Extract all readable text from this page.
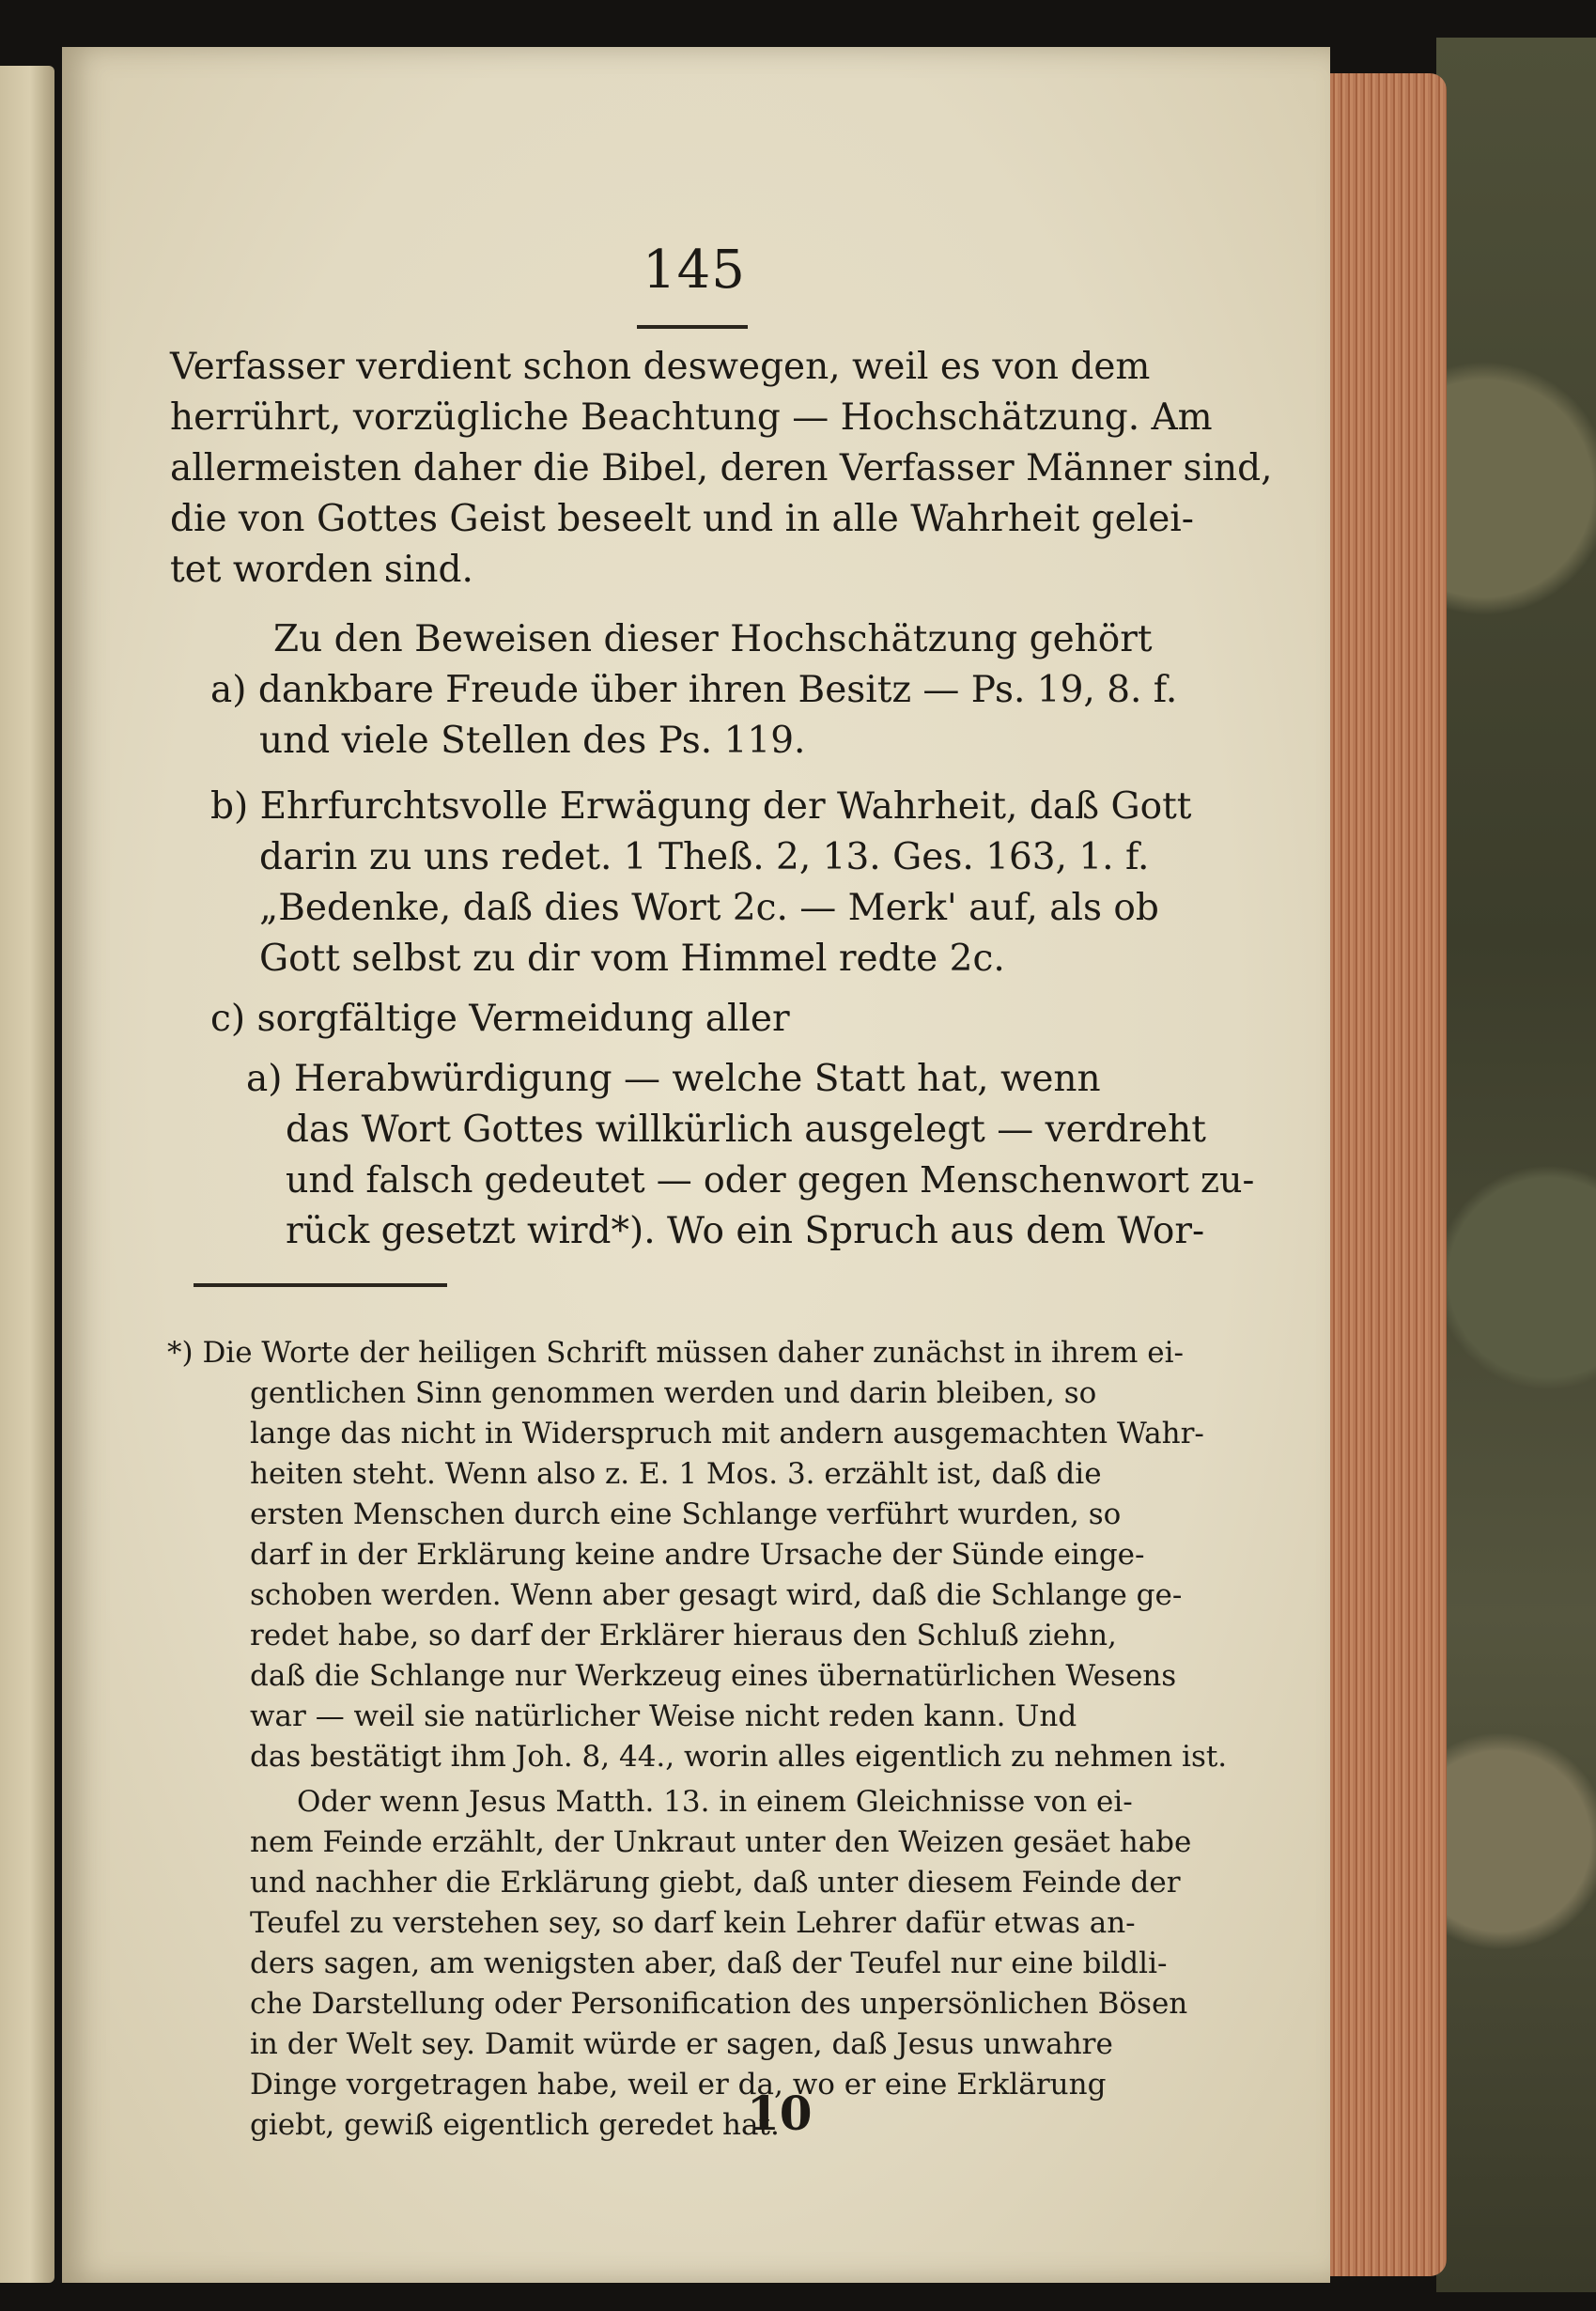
145

Verfasser verdient schon deswegen, weil es von dem

herrührt, vorzügliche Beachtung — Hochschätzung. Am

allermeisten daher die Bibel, deren Verfasser Männer sind,

die von Gottes Geist beseelt und in alle Wahrheit gelei-

tet worden sind.

Zu den Beweisen dieser Hochschätzung gehört

a) dankbare Freude über ihren Besitz — Ps. 19, 8. f.

und viele Stellen des Ps. 119.

b) Ehrfurchtsvolle Erwägung der Wahrheit, daß Gott

darin zu uns redet. 1 Theß. 2, 13. Ges. 163, 1. f.

„Bedenke, daß dies Wort 2c. — Merk' auf, als ob

Gott selbst zu dir vom Himmel redte 2c.

c) sorgfältige Vermeidung aller

a) Herabwürdigung — welche Statt hat, wenn

das Wort Gottes willkürlich ausgelegt — verdreht

und falsch gedeutet — oder gegen Menschenwort zu-

rück gesetzt wird*). Wo ein Spruch aus dem Wor-

*) Die Worte der heiligen Schrift müssen daher zunächst in ihrem ei-

gentlichen Sinn genommen werden und darin bleiben, so

lange das nicht in Widerspruch mit andern ausgemachten Wahr-

heiten steht. Wenn also z. E. 1 Mos. 3. erzählt ist, daß die

ersten Menschen durch eine Schlange verführt wurden, so

darf in der Erklärung keine andre Ursache der Sünde einge-

schoben werden. Wenn aber gesagt wird, daß die Schlange ge-

redet habe, so darf der Erklärer hieraus den Schluß ziehn,

daß die Schlange nur Werkzeug eines übernatürlichen Wesens

war — weil sie natürlicher Weise nicht reden kann. Und

das bestätigt ihm Joh. 8, 44., worin alles eigentlich zu nehmen ist.

Oder wenn Jesus Matth. 13. in einem Gleichnisse von ei-

nem Feinde erzählt, der Unkraut unter den Weizen gesäet habe

und nachher die Erklärung giebt, daß unter diesem Feinde der

Teufel zu verstehen sey, so darf kein Lehrer dafür etwas an-

ders sagen, am wenigsten aber, daß der Teufel nur eine bildli-

che Darstellung oder Personification des unpersönlichen Bösen

in der Welt sey. Damit würde er sagen, daß Jesus unwahre

Dinge vorgetragen habe, weil er da, wo er eine Erklärung

giebt, gewiß eigentlich geredet hat.

10
